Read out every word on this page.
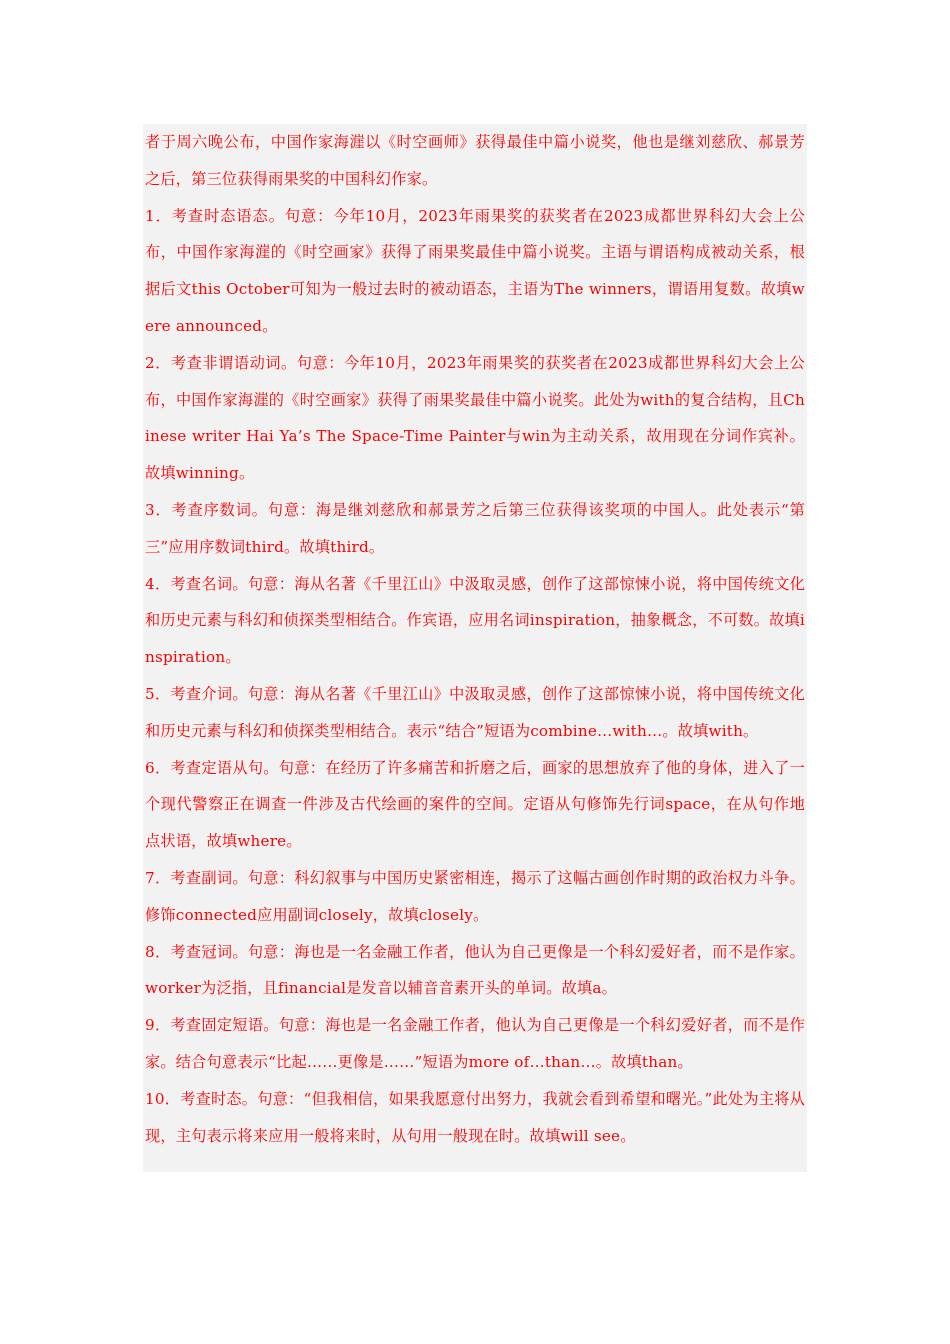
者于周六晚公布，中国作家海漄以《时空画师》获得最佳中篇小说奖，他也是继刘慈欣、郝景芳之后，第三位获得雨果奖的中国科幻作家。

1．考查时态语态。句意：今年10月，2023年雨果奖的获奖者在2023成都世界科幻大会上公布，中国作家海漄的《时空画家》获得了雨果奖最佳中篇小说奖。主语与谓语构成被动关系，根据后文this October可知为一般过去时的被动语态，主语为The winners，谓语用复数。故填were announced。

2．考查非谓语动词。句意：今年10月，2023年雨果奖的获奖者在2023成都世界科幻大会上公布，中国作家海漄的《时空画家》获得了雨果奖最佳中篇小说奖。此处为with的复合结构，且Chinese writer Hai Ya’s The Space-Time Painter与win为主动关系，故用现在分词作宾补。故填winning。

3．考查序数词。句意：海是继刘慈欣和郝景芳之后第三位获得该奖项的中国人。此处表示“第三”应用序数词third。故填third。

4．考查名词。句意：海从名著《千里江山》中汲取灵感，创作了这部惊悚小说，将中国传统文化和历史元素与科幻和侦探类型相结合。作宾语，应用名词inspiration，抽象概念，不可数。故填inspiration。

5．考查介词。句意：海从名著《千里江山》中汲取灵感，创作了这部惊悚小说，将中国传统文化和历史元素与科幻和侦探类型相结合。表示“结合”短语为combine…with…。故填with。

6．考查定语从句。句意：在经历了许多痛苦和折磨之后，画家的思想放弃了他的身体，进入了一个现代警察正在调查一件涉及古代绘画的案件的空间。定语从句修饰先行词space，在从句作地点状语，故填where。

7．考查副词。句意：科幻叙事与中国历史紧密相连，揭示了这幅古画创作时期的政治权力斗争。修饰connected应用副词closely，故填closely。

8．考查冠词。句意：海也是一名金融工作者，他认为自己更像是一个科幻爱好者，而不是作家。worker为泛指，且financial是发音以辅音音素开头的单词。故填a。

9．考查固定短语。句意：海也是一名金融工作者，他认为自己更像是一个科幻爱好者，而不是作家。结合句意表示“比起……更像是……”短语为more of…than…。故填than。

10．考查时态。句意：“但我相信，如果我愿意付出努力，我就会看到希望和曙光。”此处为主将从现，主句表示将来应用一般将来时，从句用一般现在时。故填will see。
